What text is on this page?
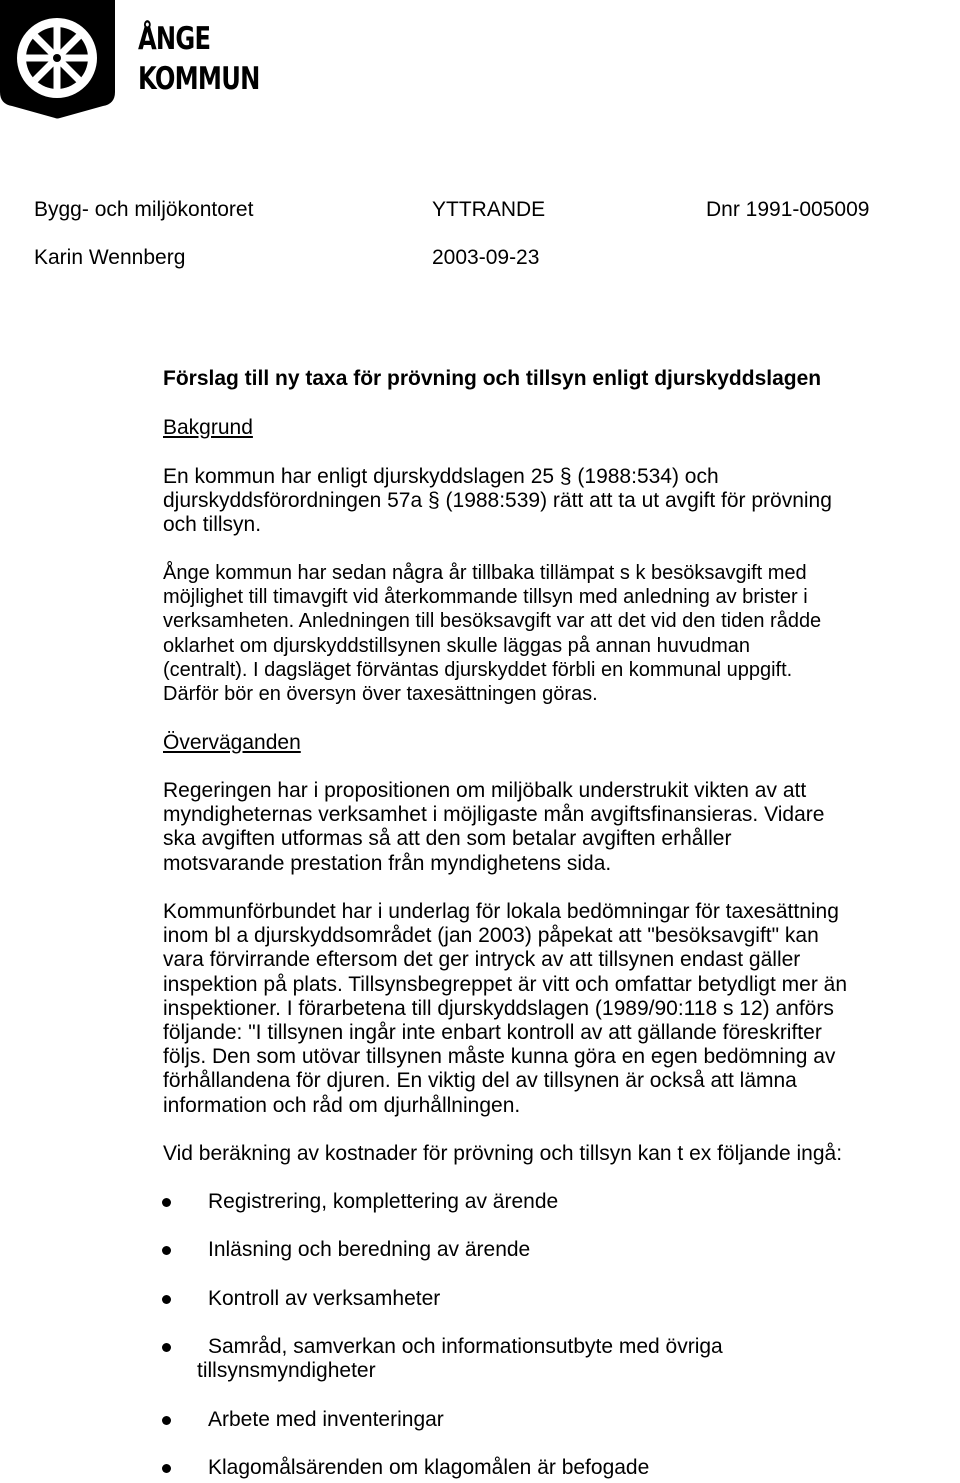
ÅNGE
KOMMUN
Bygg- och miljökontoret	YTTRANDE	Dnr 1991-005009
Karin Wennberg	2003-09-23
Förslag till ny taxa för prövning och tillsyn enligt djurskyddslagen
Bakgrund
En kommun har enligt djurskyddslagen 25 § (1988:534) och
djurskyddsförordningen 57a § (1988:539) rätt att ta ut avgift för prövning
och tillsyn.
Ånge kommun har sedan några år tillbaka tillämpat s k besöksavgift med
möjlighet till timavgift vid återkommande tillsyn med anledning av brister i
verksamheten. Anledningen till besöksavgift var att det vid den tiden rådde
oklarhet om djurskyddstillsynen skulle läggas på annan huvudman
(centralt). I dagsläget förväntas djurskyddet förbli en kommunal uppgift.
Därför bör en översyn över taxesättningen göras.
Överväganden
Regeringen har i propositionen om miljöbalk understrukit vikten av att
myndigheternas verksamhet i möjligaste mån avgiftsfinansieras. Vidare
ska avgiften utformas så att den som betalar avgiften erhåller
motsvarande prestation från myndighetens sida.
Kommunförbundet har i underlag för lokala bedömningar för taxesättning
inom bl a djurskyddsområdet (jan 2003) påpekat att "besöksavgift" kan
vara förvirrande eftersom det ger intryck av att tillsynen endast gäller
inspektion på plats. Tillsynsbegreppet är vitt och omfattar betydligt mer än
inspektioner. I förarbetena till djurskyddslagen (1989/90:118 s 12) anförs
följande: "I tillsynen ingår inte enbart kontroll av att gällande föreskrifter
följs. Den som utövar tillsynen måste kunna göra en egen bedömning av
förhållandena för djuren. En viktig del av tillsynen är också att lämna
information och råd om djurhållningen.
Vid beräkning av kostnader för prövning och tillsyn kan t ex följande ingå:
Registrering, komplettering av ärende
Inläsning och beredning av ärende
Kontroll av verksamheter
Samråd, samverkan och informationsutbyte med övriga
tillsynsmyndigheter
Arbete med inventeringar
Klagomålsärenden om klagomålen är befogade
